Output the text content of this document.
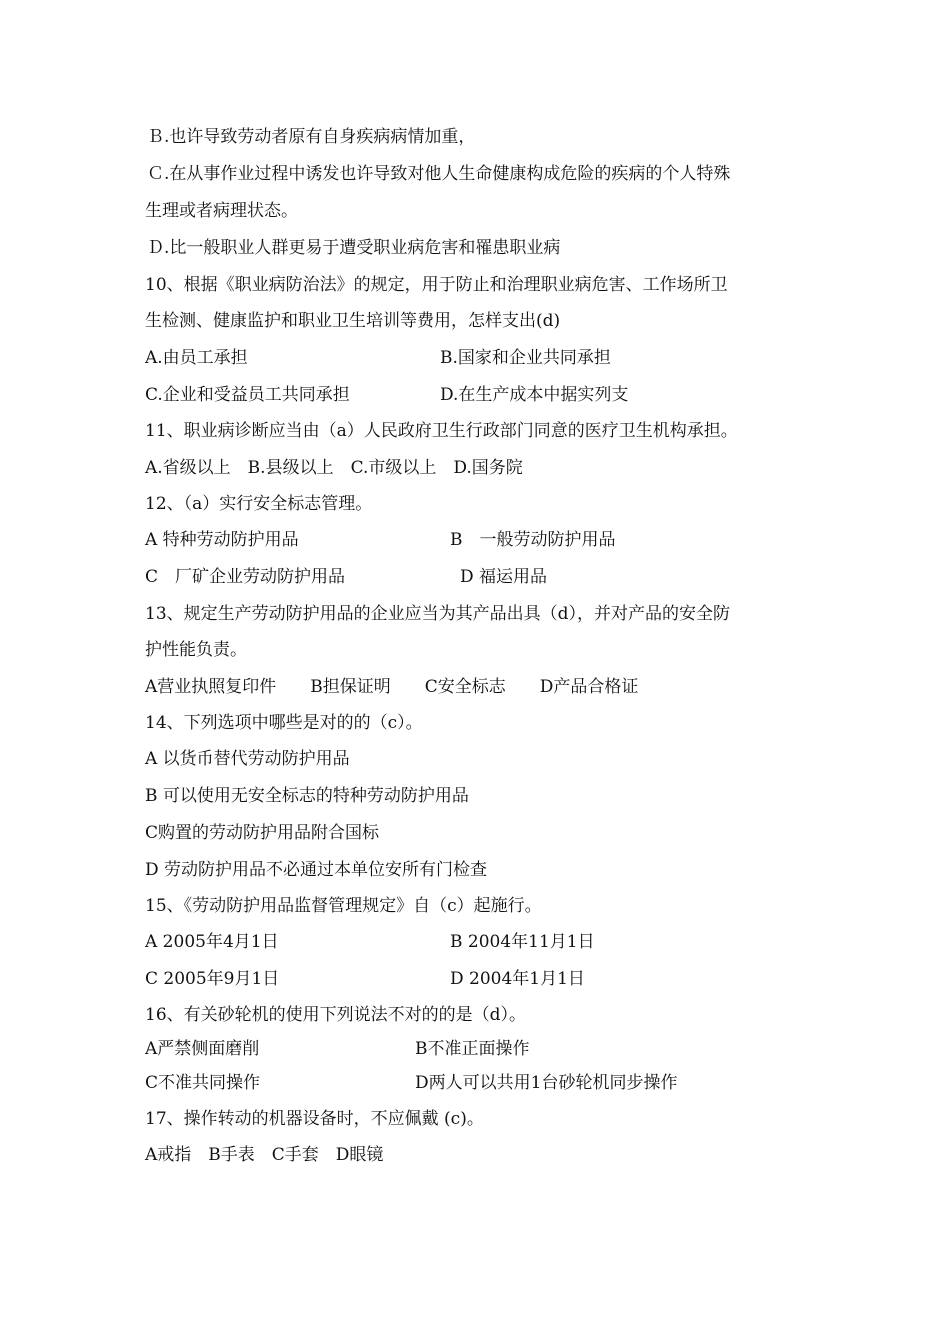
Ｂ.也许导致劳动者原有自身疾病病情加重，
Ｃ.在从事作业过程中诱发也许导致对他人生命健康构成危险的疾病的个人特殊
生理或者病理状态。
Ｄ.比一般职业人群更易于遭受职业病危害和罹患职业病
10、根据《职业病防治法》的规定，用于防止和治理职业病危害、工作场所卫
生检测、健康监护和职业卫生培训等费用，怎样支出(d)
A.由员工承担	B.国家和企业共同承担
C.企业和受益员工共同承担	D.在生产成本中据实列支
11、职业病诊断应当由（a）人民政府卫生行政部门同意的医疗卫生机构承担。
A.省级以上　B.县级以上　C.市级以上　D.国务院
12、（a）实行安全标志管理。
A 特种劳动防护用品	B　一般劳动防护用品
C　厂矿企业劳动防护用品	D 福运用品
13、规定生产劳动防护用品的企业应当为其产品出具（d），并对产品的安全防
护性能负责。
A营业执照复印件　　B担保证明　　C安全标志　　D产品合格证
14、下列选项中哪些是对的的（c）。
A 以货币替代劳动防护用品
B 可以使用无安全标志的特种劳动防护用品
C购置的劳动防护用品附合国标
D 劳动防护用品不必通过本单位安所有门检查
15、《劳动防护用品监督管理规定》自（c）起施行。
A 2005年4月1日	B 2004年11月1日
C 2005年9月1日	D 2004年1月1日
16、有关砂轮机的使用下列说法不对的的是（d）。
A严禁侧面磨削	B不准正面操作
C不准共同操作	D两人可以共用1台砂轮机同步操作
17、操作转动的机器设备时，不应佩戴 (c)。
A戒指　B手表　C手套　D眼镜
